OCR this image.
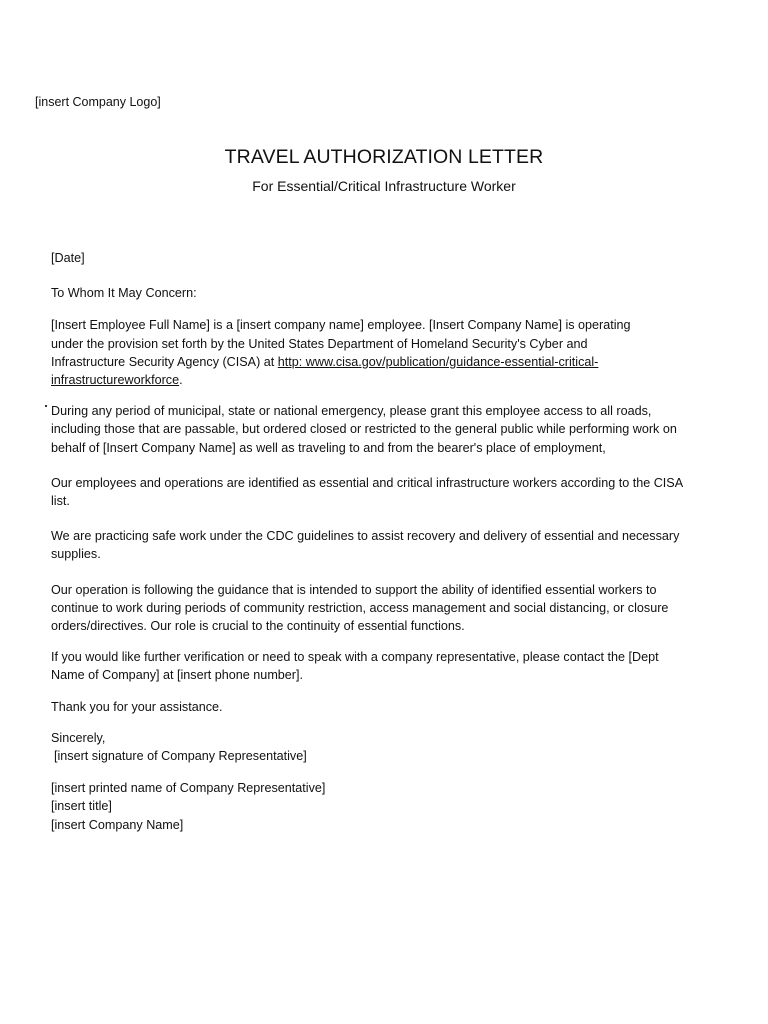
[insert Company Logo]
TRAVEL AUTHORIZATION LETTER
For Essential/Critical Infrastructure Worker

[Date]

To Whom It May Concern:

[Insert Employee Full Name] is a [insert company name] employee. [Insert Company Name] is operating
under the provision set forth by the United States Department of Homeland Security's Cyber and
Infrastructure Security Agency (CISA) at http: www.cisa.gov/publication/guidance-essential-critical-
infrastructureworkforce.

During any period of municipal, state or national emergency, please grant this employee access to all roads,
including those that are passable, but ordered closed or restricted to the general public while performing work on
behalf of [Insert Company Name] as well as traveling to and from the bearer's place of employment,

Our employees and operations are identified as essential and critical infrastructure workers according to the CISA
list.

We are practicing safe work under the CDC guidelines to assist recovery and delivery of essential and necessary
supplies.

Our operation is following the guidance that is intended to support the ability of identified essential workers to
continue to work during periods of community restriction, access management and social distancing, or closure
orders/directives. Our role is crucial to the continuity of essential functions.

If you would like further verification or need to speak with a company representative, please contact the [Dept
Name of Company] at [insert phone number].

Thank you for your assistance.

Sincerely,

[insert signature of Company Representative]

[insert printed name of Company Representative]

[insert title]

[insert Company Name]
